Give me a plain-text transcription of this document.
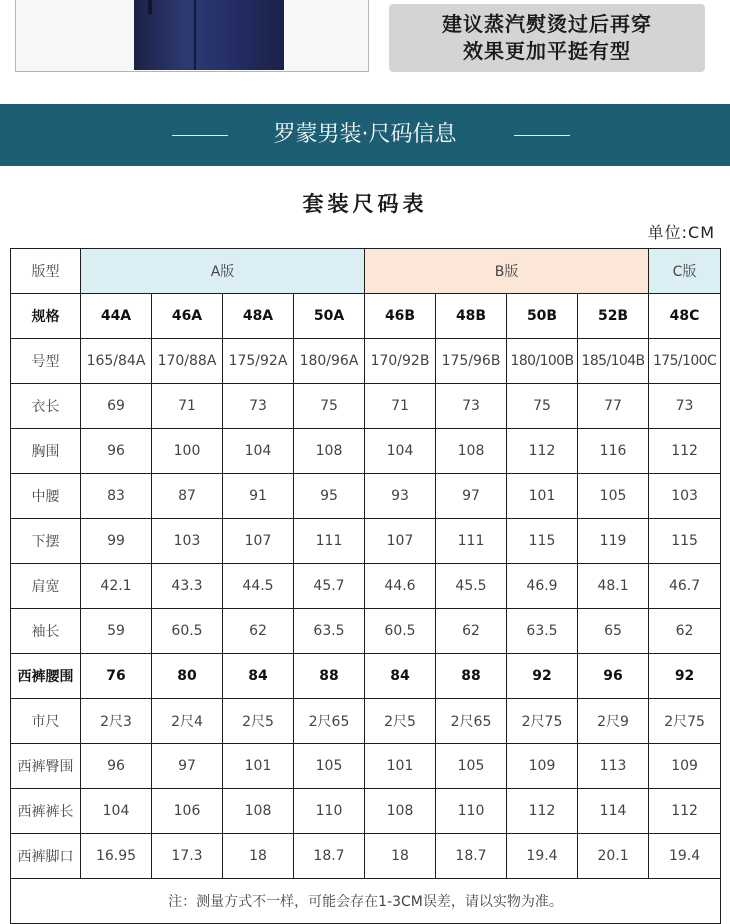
建议蒸汽熨烫过后再穿
效果更加平挺有型
罗蒙男装·尺码信息
套装尺码表
单位:CM
版型	A版				B版				C版
规格	44A	46A	48A	50A	46B	48B	50B	52B	48C
号型	165/84A	170/88A	175/92A	180/96A	170/92B	175/96B	180/100B	185/104B	175/100C
衣长	69	71	73	75	71	73	75	77	73
胸围	96	100	104	108	104	108	112	116	112
中腰	83	87	91	95	93	97	101	105	103
下摆	99	103	107	111	107	111	115	119	115
肩宽	42.1	43.3	44.5	45.7	44.6	45.5	46.9	48.1	46.7
袖长	59	60.5	62	63.5	60.5	62	63.5	65	62
西裤腰围	76	80	84	88	84	88	92	96	92
市尺	2尺3	2尺4	2尺5	2尺65	2尺5	2尺65	2尺75	2尺9	2尺75
西裤臀围	96	97	101	105	101	105	109	113	109
西裤裤长	104	106	108	110	108	110	112	114	112
西裤脚口	16.95	17.3	18	18.7	18	18.7	19.4	20.1	19.4
注：测量方式不一样，可能会存在1-3CM误差，请以实物为准。									
